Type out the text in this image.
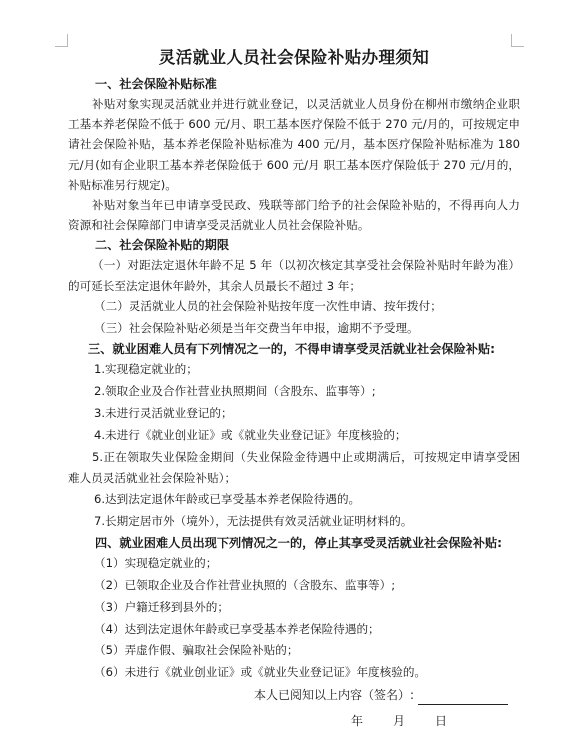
灵活就业人员社会保险补贴办理须知
一、社会保险补贴标准

补贴对象实现灵活就业并进行就业登记，以灵活就业人员身份在柳州市缴纳企业职工基本养老保险不低于 600 元/月、职工基本医疗保险不低于 270 元/月的，可按规定申请社会保险补贴，基本养老保险补贴标准为 400 元/月，基本医疗保险补贴标准为 180 元/月(如有企业职工基本养老保险低于 600 元/月 职工基本医疗保险低于 270 元/月的，补贴标准另行规定)。

补贴对象当年已申请享受民政、残联等部门给予的社会保险补贴的，不得再向人力资源和社会保障部门申请享受灵活就业人员社会保险补贴。

二、社会保险补贴的期限

（一）对距法定退休年龄不足 5 年（以初次核定其享受社会保险补贴时年龄为准）的可延长至法定退休年龄外，其余人员最长不超过 3 年；

（二）灵活就业人员的社会保险补贴按年度一次性申请、按年拨付；

（三）社会保险补贴必须是当年交费当年申报，逾期不予受理。

三、就业困难人员有下列情况之一的，不得申请享受灵活就业社会保险补贴:

1.实现稳定就业的；

2.领取企业及合作社营业执照期间（含股东、监事等）;

3.未进行灵活就业登记的；

4.未进行《就业创业证》或《就业失业登记证》年度核验的；

5.正在领取失业保险金期间（失业保险金待遇中止或期满后，可按规定申请享受困难人员灵活就业社会保险补贴）；

6.达到法定退休年龄或已享受基本养老保险待遇的。

7.长期定居市外（境外），无法提供有效灵活就业证明材料的。

四、就业困难人员出现下列情况之一的，停止其享受灵活就业社会保险补贴:

（1）实现稳定就业的；

（2）已领取企业及合作社营业执照的（含股东、监事等）;

（3）户籍迁移到县外的；

（4）达到法定退休年龄或已享受基本养老保险待遇的；

（5）弄虚作假、骗取社会保险补贴的；

（6）未进行《就业创业证》或《就业失业登记证》年度核验的。

本人已阅知以上内容（签名）:
年 月 日
